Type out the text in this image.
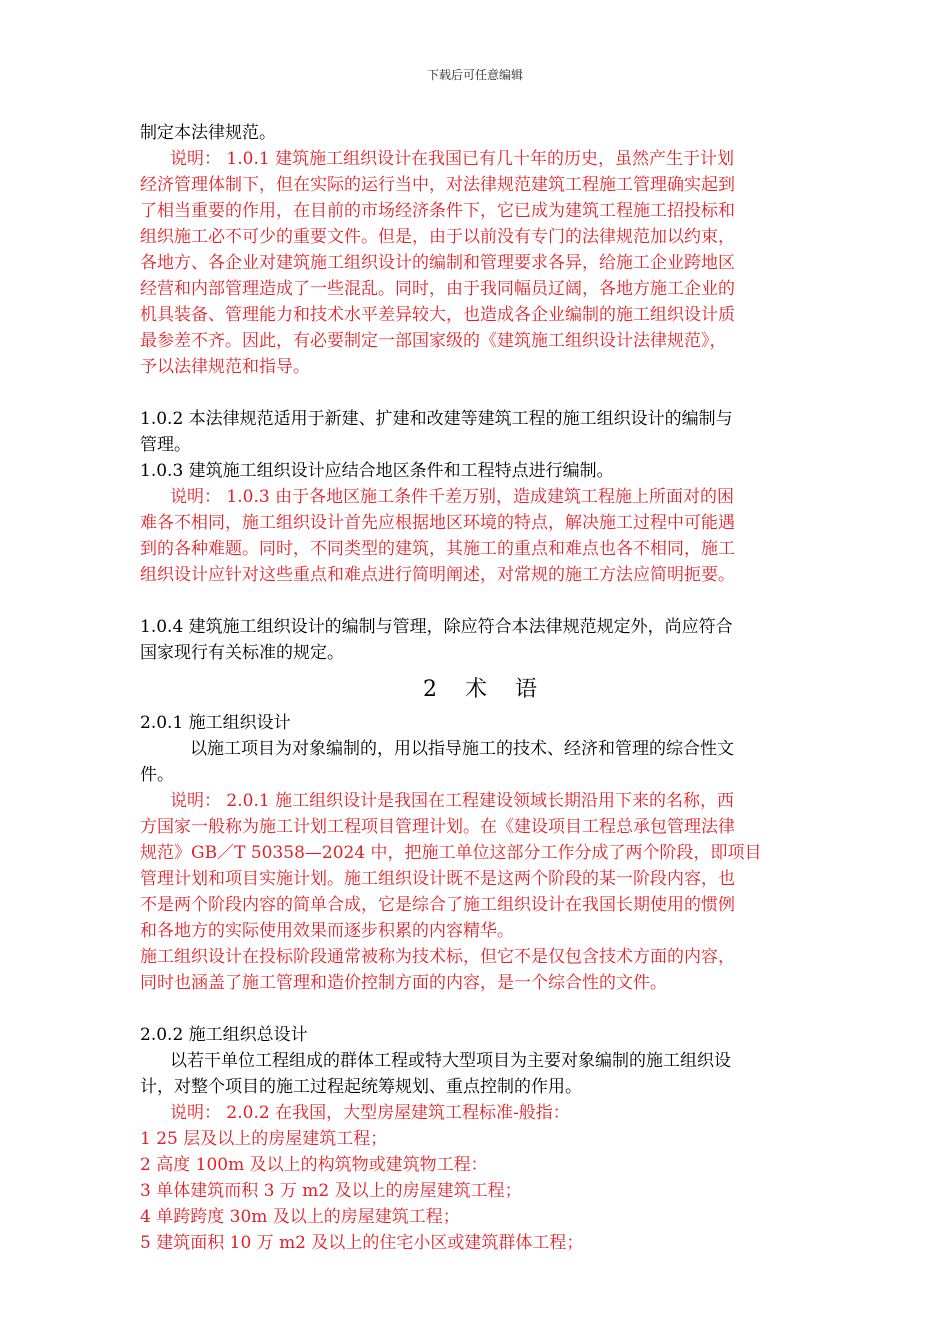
下载后可任意编辑
制定本法律规范。
说明： 1.0.1 建筑施工组织设计在我国已有几十年的历史，虽然产生于计划
经济管理体制下，但在实际的运行当中，对法律规范建筑工程施工管理确实起到
了相当重要的作用，在目前的市场经济条件下，它已成为建筑工程施工招投标和
组织施工必不可少的重要文件。但是，由于以前没有专门的法律规范加以约束，
各地方、各企业对建筑施工组织设计的编制和管理要求各异，给施工企业跨地区
经营和内部管理造成了一些混乱。同时，由于我同幅员辽阔，各地方施工企业的
机具装备、管理能力和技术水平差异较大，也造成各企业编制的施工组织设计质
最参差不齐。因此，有必要制定一部国家级的《建筑施工组织设计法律规范》，
予以法律规范和指导。
1.0.2 本法律规范适用于新建、扩建和改建等建筑工程的施工组织设计的编制与
管理。
1.0.3 建筑施工组织设计应结合地区条件和工程特点进行编制。
说明： 1.0.3 由于各地区施工条件千差万别，造成建筑工程施上所面对的困
难各不相同，施工组织设计首先应根据地区环境的特点，解决施工过程中可能遇
到的各种难题。同时，不同类型的建筑，其施工的重点和难点也各不相同，施工
组织设计应针对这些重点和难点进行简明阐述，对常规的施工方法应简明扼要。
1.0.4 建筑施工组织设计的编制与管理，除应符合本法律规范规定外，尚应符合
国家现行有关标准的规定。
2 术 语
2.0.1 施工组织设计
以施工项目为对象编制的，用以指导施工的技术、经济和管理的综合性文
件。
说明： 2.0.1 施工组织设计是我国在工程建设领域长期沿用下来的名称，西
方国家一般称为施工计划工程项目管理计划。在《建设项目工程总承包管理法律
规范》GB／T 50358—2024 中，把施工单位这部分工作分成了两个阶段，即项目
管理计划和项目实施计划。施工组织设计既不是这两个阶段的某一阶段内容，也
不是两个阶段内容的简单合成，它是综合了施工组织设计在我国长期使用的惯例
和各地方的实际使用效果而逐步积累的内容精华。
施工组织设计在投标阶段通常被称为技术标，但它不是仅包含技术方面的内容，
同时也涵盖了施工管理和造价控制方面的内容，是一个综合性的文件。
2.0.2 施工组织总设计
以若干单位工程组成的群体工程或特大型项目为主要对象编制的施工组织设
计，对整个项目的施工过程起统筹规划、重点控制的作用。
说明： 2.0.2 在我国，大型房屋建筑工程标准-般指：
1 25 层及以上的房屋建筑工程；
2 高度 100m 及以上的构筑物或建筑物工程：
3 单体建筑而积 3 万 m2 及以上的房屋建筑工程；
4 单跨跨度 30m 及以上的房屋建筑工程；
5 建筑面积 10 万 m2 及以上的住宅小区或建筑群体工程；
